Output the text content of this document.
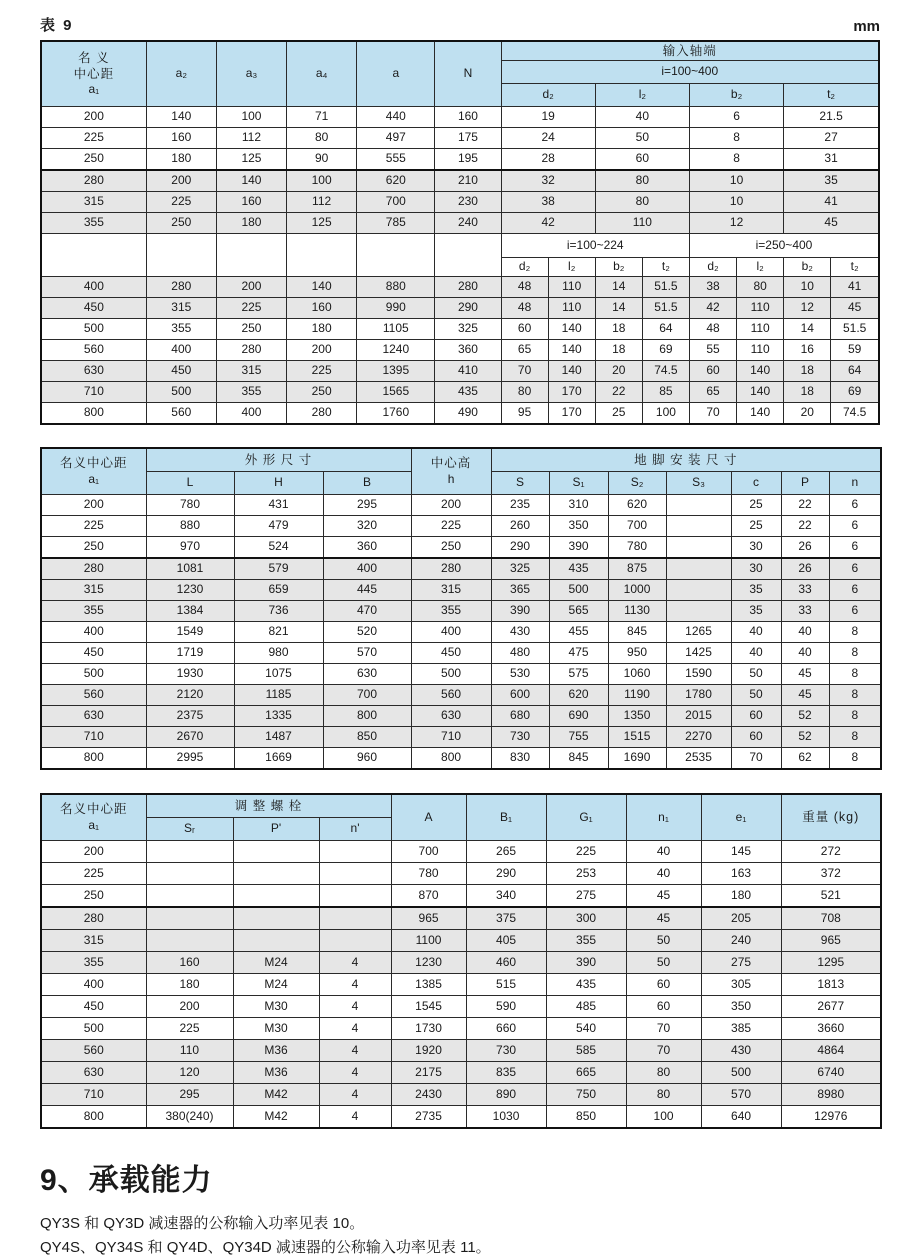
表 9	mm
名 义
中心距
a₁	a₂	a₃	a₄	a	N	输入轴端							
						i=100~400							
						d₂		l₂		b₂		t₂	
200	140	100	71	440	160	19		40		6		21.5	
225	160	112	80	497	175	24		50		8		27	
250	180	125	90	555	195	28		60		8		31	
280	200	140	100	620	210	32		80		10		35	
315	225	160	112	700	230	38		80		10		41	
355	250	180	125	785	240	42		110		12		45	
						i=100~224				i=250~400			
						d₂	l₂	b₂	t₂	d₂	l₂	b₂	t₂
400	280	200	140	880	280	48	110	14	51.5	38	80	10	41
450	315	225	160	990	290	48	110	14	51.5	42	110	12	45
500	355	250	180	1105	325	60	140	18	64	48	110	14	51.5
560	400	280	200	1240	360	65	140	18	69	55	110	16	59
630	450	315	225	1395	410	70	140	20	74.5	60	140	18	64
710	500	355	250	1565	435	80	170	22	85	65	140	18	69
800	560	400	280	1760	490	95	170	25	100	70	140	20	74.5
名义中心距
a₁
	外 形 尺 寸	中心高
h
	地 脚 安 装 尺 寸
	L	H	B		S	S₁	S₂	S₃	c	P	n
200	780	431	295	200	235	310	620		25	22	6
225	880	479	320	225	260	350	700		25	22	6
250	970	524	360	250	290	390	780		30	26	6
280	1081	579	400	280	325	435	875		30	26	6
315	1230	659	445	315	365	500	1000		35	33	6
355	1384	736	470	355	390	565	1130		35	33	6
400	1549	821	520	400	430	455	845	1265	40	40	8
450	1719	980	570	450	480	475	950	1425	40	40	8
500	1930	1075	630	500	530	575	1060	1590	50	45	8
560	2120	1185	700	560	600	620	1190	1780	50	45	8
630	2375	1335	800	630	680	690	1350	2015	60	52	8
710	2670	1487	850	710	730	755	1515	2270	60	52	8
800	2995	1669	960	800	830	845	1690	2535	70	62	8
名义中心距
a₁	调 整 螺 栓			A	B₁	G₁	n₁	e₁	重量 (kg)
	Sᵣ	P'	n'						
200				700	265	225	40	145	272
225				780	290	253	40	163	372
250				870	340	275	45	180	521
280				965	375	300	45	205	708
315				1100	405	355	50	240	965
355	160	M24	4	1230	460	390	50	275	1295
400	180	M24	4	1385	515	435	60	305	1813
450	200	M30	4	1545	590	485	60	350	2677
500	225	M30	4	1730	660	540	70	385	3660
560	110	M36	4	1920	730	585	70	430	4864
630	120	M36	4	2175	835	665	80	500	6740
710	295	M42	4	2430	890	750	80	570	8980
800	380(240)	M42	4	2735	1030	850	100	640	12976
9、承载能力

QY3S 和 QY3D 减速器的公称输入功率见表 10。

QY4S、QY34S 和 QY4D、QY34D 减速器的公称输入功率见表 11。
